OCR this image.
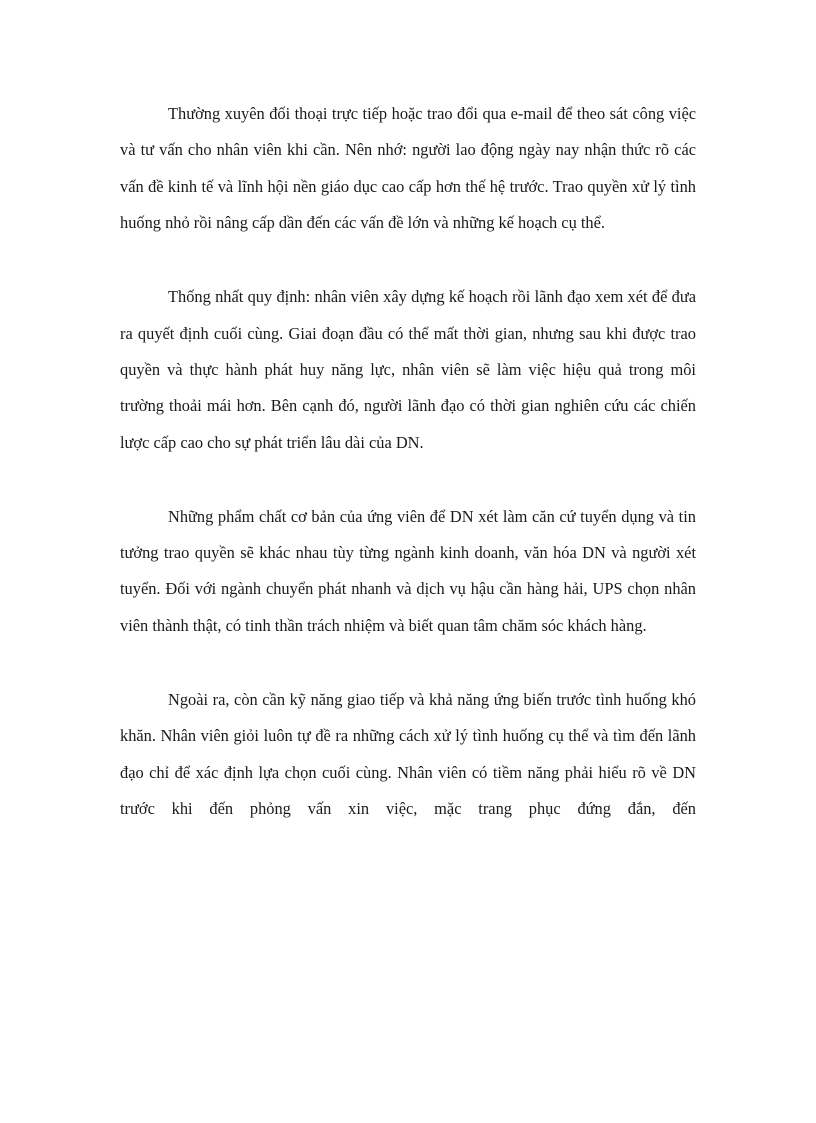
Thường xuyên đối thoại trực tiếp hoặc trao đổi qua e-mail để theo sát công việc và tư vấn cho nhân viên khi cần. Nên nhớ: người lao động ngày nay nhận thức rõ các vấn đề kinh tế và lĩnh hội nền giáo dục cao cấp hơn thế hệ trước. Trao quyền xử lý tình huống nhỏ rồi nâng cấp dần đến các vấn đề lớn và những kế hoạch cụ thể.

Thống nhất quy định: nhân viên xây dựng kế hoạch rồi lãnh đạo xem xét để đưa ra quyết định cuối cùng. Giai đoạn đầu có thể mất thời gian, nhưng sau khi được trao quyền và thực hành phát huy năng lực, nhân viên sẽ làm việc hiệu quả trong môi trường thoải mái hơn. Bên cạnh đó, người lãnh đạo có thời gian nghiên cứu các chiến lược cấp cao cho sự phát triển lâu dài của DN.

Những phẩm chất cơ bản của ứng viên để DN xét làm căn cứ tuyển dụng và tin tưởng trao quyền sẽ khác nhau tùy từng ngành kinh doanh, văn hóa DN và người xét tuyển. Đối với ngành chuyển phát nhanh và dịch vụ hậu cần hàng hải, UPS chọn nhân viên thành thật, có tinh thần trách nhiệm và biết quan tâm chăm sóc khách hàng.

Ngoài ra, còn cần kỹ năng giao tiếp và khả năng ứng biến trước tình huống khó khăn. Nhân viên giỏi luôn tự đề ra những cách xử lý tình huống cụ thể và tìm đến lãnh đạo chỉ để xác định lựa chọn cuối cùng. Nhân viên có tiềm năng phải hiểu rõ về DN trước khi đến phỏng vấn xin việc, mặc trang phục đứng đắn, đến
